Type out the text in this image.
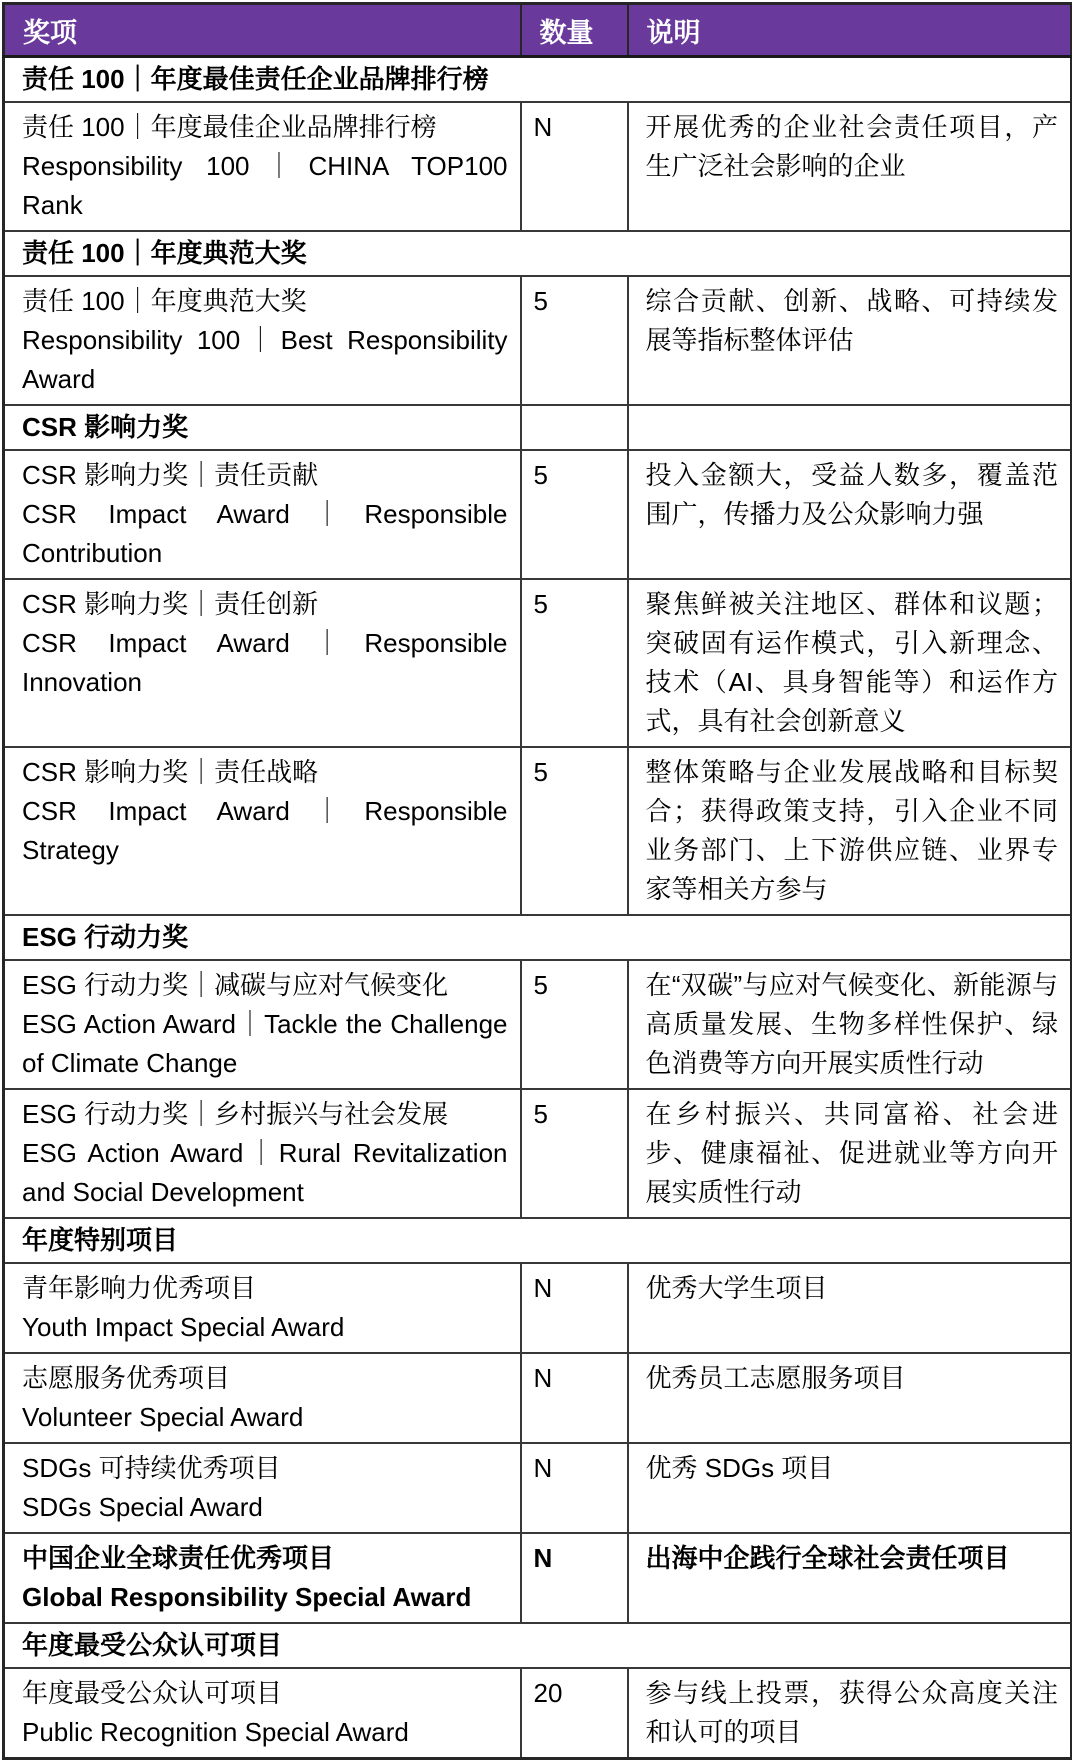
奖项	数量	说明
责任 100｜年度最佳责任企业品牌排行榜		

责任 100｜年度最佳企业品牌排行榜
Responsibility 100｜CHINA TOP100 Rank	N	开展优秀的企业社会责任项目，产生广泛社会影响的企业
责任 100｜年度典范大奖		

责任 100｜年度典范大奖
Responsibility 100｜Best Responsibility Award	5	综合贡献、创新、战略、可持续发展等指标整体评估
CSR 影响力奖		

CSR 影响力奖｜责任贡献
CSR Impact Award｜Responsible Contribution	5	投入金额大，受益人数多，覆盖范围广，传播力及公众影响力强

CSR 影响力奖｜责任创新
CSR Impact Award｜Responsible Innovation	5	聚焦鲜被关注地区、群体和议题；突破固有运作模式，引入新理念、技术（AI、具身智能等）和运作方式，具有社会创新意义

CSR 影响力奖｜责任战略
CSR Impact Award｜Responsible Strategy	5	整体策略与企业发展战略和目标契合；获得政策支持，引入企业不同业务部门、上下游供应链、业界专家等相关方参与
ESG 行动力奖		

ESG 行动力奖｜减碳与应对气候变化
ESG Action Award｜Tackle the Challenge of Climate Change	5	在“双碳”与应对气候变化、新能源与高质量发展、生物多样性保护、绿色消费等方向开展实质性行动

ESG 行动力奖｜乡村振兴与社会发展
ESG Action Award｜Rural Revitalization and Social Development	5	在乡村振兴、共同富裕、社会进步、健康福祉、促进就业等方向开展实质性行动
年度特别项目		

青年影响力优秀项目
Youth Impact Special Award	N	优秀大学生项目

志愿服务优秀项目
Volunteer Special Award	N	优秀员工志愿服务项目

SDGs 可持续优秀项目
SDGs Special Award	N	优秀 SDGs 项目

中国企业全球责任优秀项目
Global Responsibility Special Award	N	出海中企践行全球社会责任项目
年度最受公众认可项目		

年度最受公众认可项目
Public Recognition Special Award	20	参与线上投票，获得公众高度关注和认可的项目
